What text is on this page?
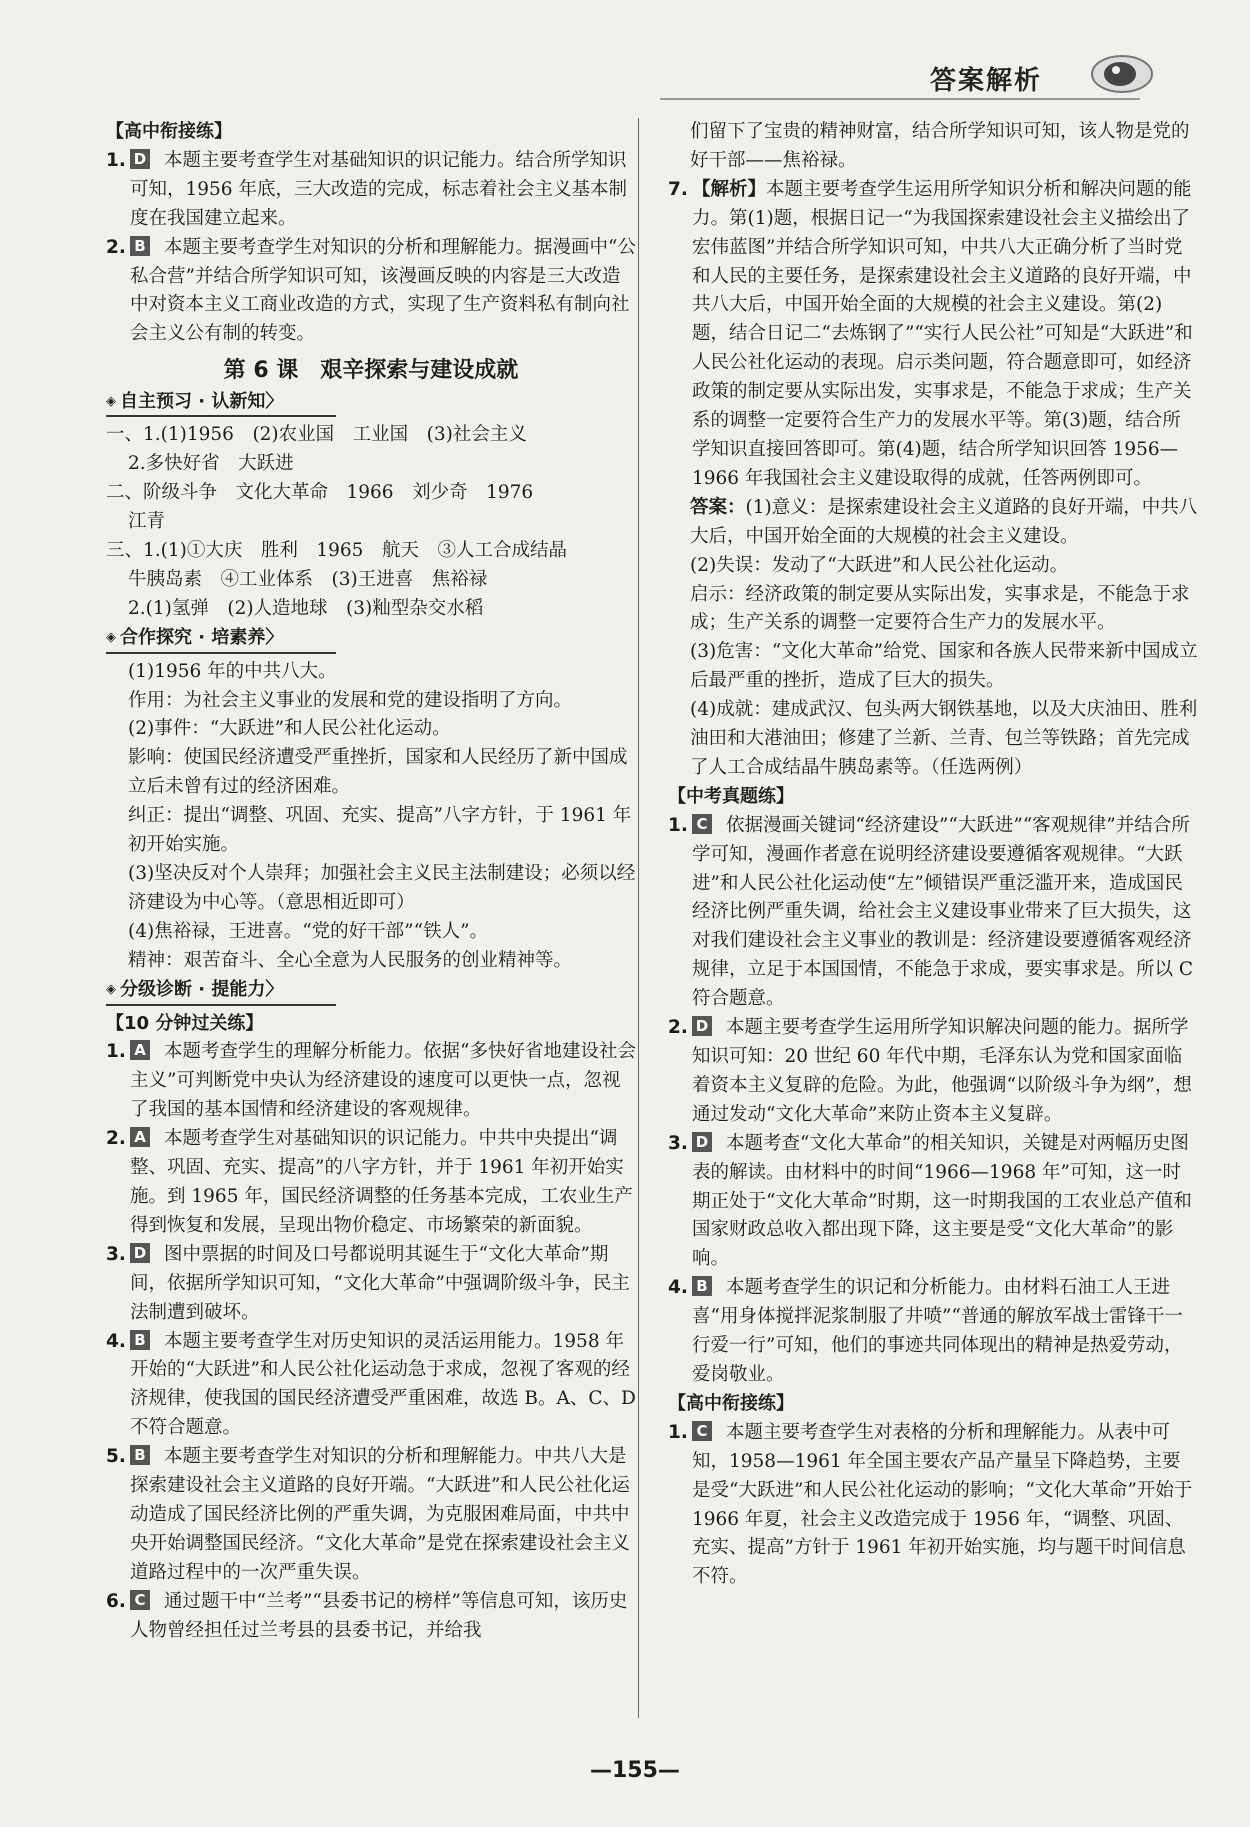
答案解析

【高中衔接练】

1. D 本题主要考查学生对基础知识的识记能力。结合所学知识可知，1956 年底，三大改造的完成，标志着社会主义基本制度在我国建立起来。
2. B 本题主要考查学生对知识的分析和理解能力。据漫画中“公私合营”并结合所学知识可知，该漫画反映的内容是三大改造中对资本主义工商业改造的方式，实现了生产资料私有制向社会主义公有制的转变。
第 6 课　艰辛探索与建设成就
◈ 自主预习 · 认新知 〉

一、1.(1)1956　(2)农业国　工业国　(3)社会主义

2.多快好省　大跃进

二、阶级斗争　文化大革命　1966　刘少奇　1976

江青

三、1.(1)①大庆　胜利　1965　航天　③人工合成结晶

牛胰岛素　④工业体系　(3)王进喜　焦裕禄

2.(1)氢弹　(2)人造地球　(3)籼型杂交水稻

◈ 合作探究 · 培素养 〉

(1)1956 年的中共八大。

作用：为社会主义事业的发展和党的建设指明了方向。

(2)事件：“大跃进”和人民公社化运动。

影响：使国民经济遭受严重挫折，国家和人民经历了新中国成立后未曾有过的经济困难。

纠正：提出“调整、巩固、充实、提高”八字方针，于 1961 年初开始实施。

(3)坚决反对个人崇拜；加强社会主义民主法制建设；必须以经济建设为中心等。（意思相近即可）

(4)焦裕禄，王进喜。“党的好干部”“铁人”。

精神：艰苦奋斗、全心全意为人民服务的创业精神等。

◈ 分级诊断 · 提能力 〉

【10 分钟过关练】

1. A 本题考查学生的理解分析能力。依据“多快好省地建设社会主义”可判断党中央认为经济建设的速度可以更快一点，忽视了我国的基本国情和经济建设的客观规律。
2. A 本题考查学生对基础知识的识记能力。中共中央提出“调整、巩固、充实、提高”的八字方针，并于 1961 年初开始实施。到 1965 年，国民经济调整的任务基本完成，工农业生产得到恢复和发展，呈现出物价稳定、市场繁荣的新面貌。
3. D 图中票据的时间及口号都说明其诞生于“文化大革命”期间，依据所学知识可知，“文化大革命”中强调阶级斗争，民主法制遭到破坏。
4. B 本题主要考查学生对历史知识的灵活运用能力。1958 年开始的“大跃进”和人民公社化运动急于求成，忽视了客观的经济规律，使我国的国民经济遭受严重困难，故选 B。A、C、D 不符合题意。
5. B 本题主要考查学生对知识的分析和理解能力。中共八大是探索建设社会主义道路的良好开端。“大跃进”和人民公社化运动造成了国民经济比例的严重失调，为克服困难局面，中共中央开始调整国民经济。“文化大革命”是党在探索建设社会主义道路过程中的一次严重失误。
6. C 通过题干中“兰考”“县委书记的榜样”等信息可知，该历史人物曾经担任过兰考县的县委书记，并给我

们留下了宝贵的精神财富，结合所学知识可知，该人物是党的好干部——焦裕禄。

7. 【解析】本题主要考查学生运用所学知识分析和解决问题的能力。第(1)题，根据日记一“为我国探索建设社会主义描绘出了宏伟蓝图”并结合所学知识可知，中共八大正确分析了当时党和人民的主要任务，是探索建设社会主义道路的良好开端，中共八大后，中国开始全面的大规模的社会主义建设。第(2)题，结合日记二“去炼钢了”“实行人民公社”可知是“大跃进”和人民公社化运动的表现。启示类问题，符合题意即可，如经济政策的制定要从实际出发，实事求是，不能急于求成；生产关系的调整一定要符合生产力的发展水平等。第(3)题，结合所学知识直接回答即可。第(4)题，结合所学知识回答 1956—1966 年我国社会主义建设取得的成就，任答两例即可。

答案：(1)意义：是探索建设社会主义道路的良好开端，中共八大后，中国开始全面的大规模的社会主义建设。

(2)失误：发动了“大跃进”和人民公社化运动。

启示：经济政策的制定要从实际出发，实事求是，不能急于求成；生产关系的调整一定要符合生产力的发展水平。

(3)危害：“文化大革命”给党、国家和各族人民带来新中国成立后最严重的挫折，造成了巨大的损失。

(4)成就：建成武汉、包头两大钢铁基地，以及大庆油田、胜利油田和大港油田；修建了兰新、兰青、包兰等铁路；首先完成了人工合成结晶牛胰岛素等。（任选两例）

【中考真题练】

1. C 依据漫画关键词“经济建设”“大跃进”“客观规律”并结合所学可知，漫画作者意在说明经济建设要遵循客观规律。“大跃进”和人民公社化运动使“左”倾错误严重泛滥开来，造成国民经济比例严重失调，给社会主义建设事业带来了巨大损失，这对我们建设社会主义事业的教训是：经济建设要遵循客观经济规律，立足于本国国情，不能急于求成，要实事求是。所以 C 符合题意。
2. D 本题主要考查学生运用所学知识解决问题的能力。据所学知识可知：20 世纪 60 年代中期，毛泽东认为党和国家面临着资本主义复辟的危险。为此，他强调“以阶级斗争为纲”，想通过发动“文化大革命”来防止资本主义复辟。
3. D 本题考查“文化大革命”的相关知识，关键是对两幅历史图表的解读。由材料中的时间“1966—1968 年”可知，这一时期正处于“文化大革命”时期，这一时期我国的工农业总产值和国家财政总收入都出现下降，这主要是受“文化大革命”的影响。
4. B 本题考查学生的识记和分析能力。由材料石油工人王进喜“用身体搅拌泥浆制服了井喷”“普通的解放军战士雷锋干一行爱一行”可知，他们的事迹共同体现出的精神是热爱劳动，爱岗敬业。

【高中衔接练】

1. C 本题主要考查学生对表格的分析和理解能力。从表中可知，1958—1961 年全国主要农产品产量呈下降趋势，主要是受“大跃进”和人民公社化运动的影响；“文化大革命”开始于 1966 年夏，社会主义改造完成于 1956 年，“调整、巩固、充实、提高”方针于 1961 年初开始实施，均与题干时间信息不符。
—155—
